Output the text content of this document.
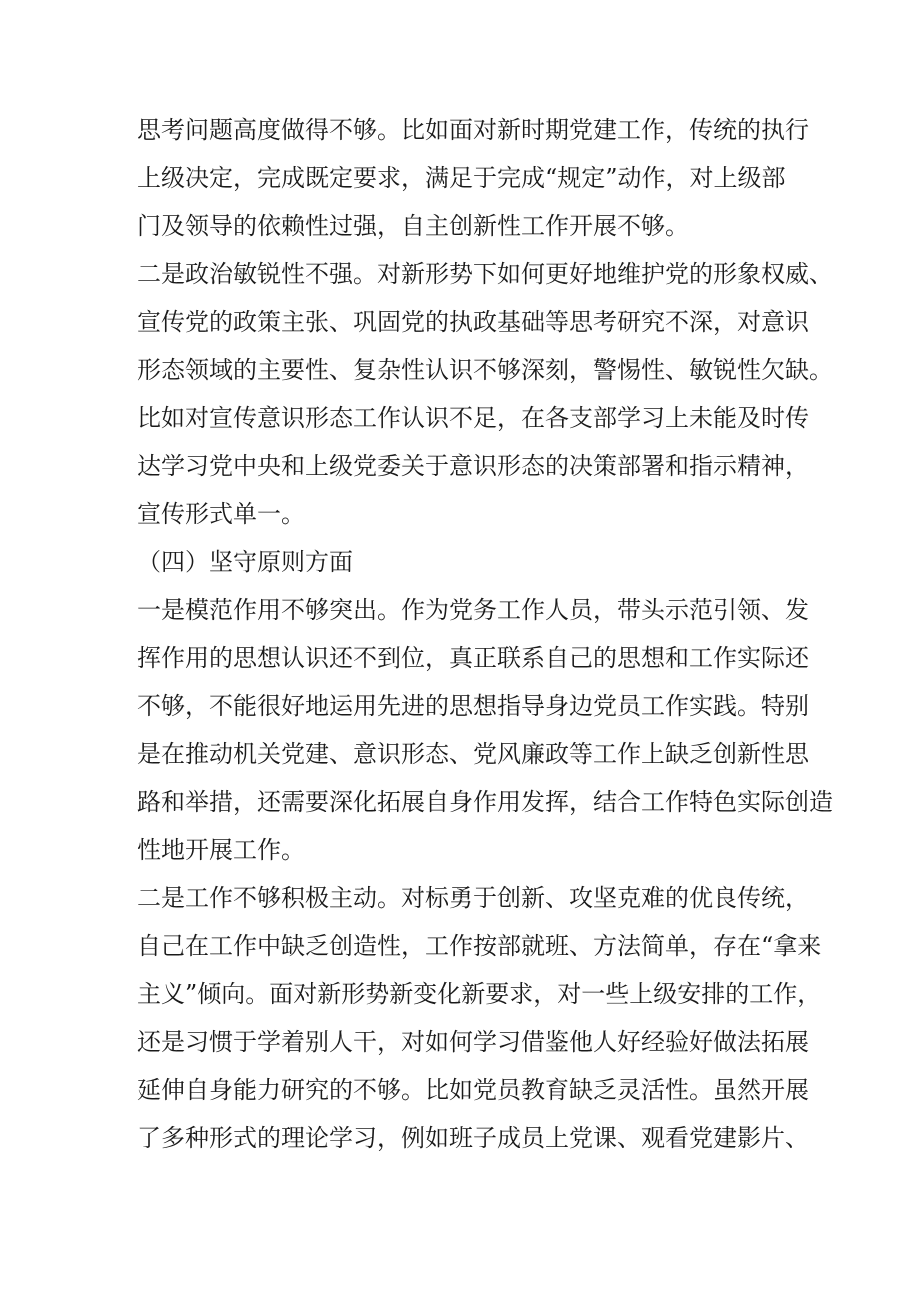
思考问题高度做得不够。比如面对新时期党建工作，传统的执行
上级决定，完成既定要求，满足于完成“规定”动作，对上级部
门及领导的依赖性过强，自主创新性工作开展不够。
二是政治敏锐性不强。对新形势下如何更好地维护党的形象权威、
宣传党的政策主张、巩固党的执政基础等思考研究不深，对意识
形态领域的主要性、复杂性认识不够深刻，警惕性、敏锐性欠缺。
比如对宣传意识形态工作认识不足，在各支部学习上未能及时传
达学习党中央和上级党委关于意识形态的决策部署和指示精神，
宣传形式单一。
（四）坚守原则方面
一是模范作用不够突出。作为党务工作人员，带头示范引领、发
挥作用的思想认识还不到位，真正联系自己的思想和工作实际还
不够，不能很好地运用先进的思想指导身边党员工作实践。特别
是在推动机关党建、意识形态、党风廉政等工作上缺乏创新性思
路和举措，还需要深化拓展自身作用发挥，结合工作特色实际创造
性地开展工作。
二是工作不够积极主动。对标勇于创新、攻坚克难的优良传统，
自己在工作中缺乏创造性，工作按部就班、方法简单，存在“拿来
主义”倾向。面对新形势新变化新要求，对一些上级安排的工作，
还是习惯于学着别人干，对如何学习借鉴他人好经验好做法拓展
延伸自身能力研究的不够。比如党员教育缺乏灵活性。虽然开展
了多种形式的理论学习，例如班子成员上党课、观看党建影片、
